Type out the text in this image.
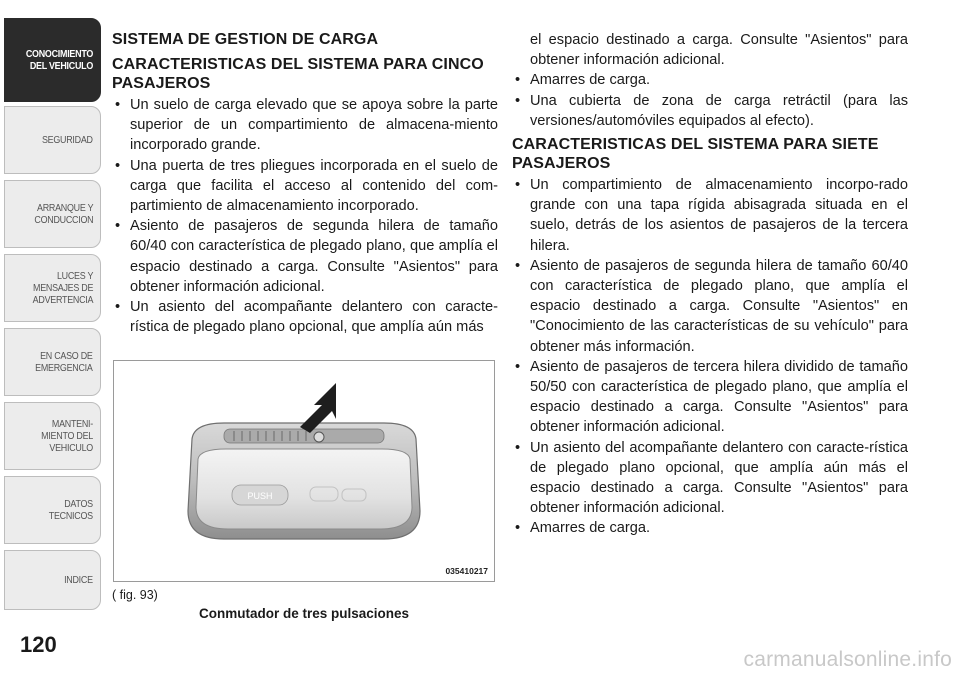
CONOCIMIENTO
DEL VEHICULO
SEGURIDAD
ARRANQUE Y
CONDUCCION
LUCES Y
MENSAJES DE
ADVERTENCIA
EN CASO DE
EMERGENCIA
MANTENI-
MIENTO DEL
VEHICULO
DATOS
TECNICOS
INDICE
120
SISTEMA DE GESTION DE CARGA
CARACTERISTICAS DEL SISTEMA PARA CINCO PASAJEROS
• Un suelo de carga elevado que se apoya sobre la parte superior de un compartimiento de almacena-miento incorporado grande.
• Una puerta de tres pliegues incorporada en el suelo de carga que facilita el acceso al contenido del com-partimiento de almacenamiento incorporado.
• Asiento de pasajeros de segunda hilera de tamaño 60/40 con característica de plegado plano, que amplía el espacio destinado a carga. Consulte "Asientos" para obtener información adicional.
• Un asiento del acompañante delantero con caracte-rística de plegado plano opcional, que amplía aún más
PUSH
035410217
( fig. 93)
Conmutador de tres pulsaciones
el espacio destinado a carga. Consulte "Asientos" para obtener información adicional.
• Amarres de carga.
• Una cubierta de zona de carga retráctil (para las versiones/automóviles equipados al efecto).
CARACTERISTICAS DEL SISTEMA PARA SIETE PASAJEROS
• Un compartimiento de almacenamiento incorpo-rado grande con una tapa rígida abisagrada situada en el suelo, detrás de los asientos de pasajeros de la tercera hilera.
• Asiento de pasajeros de segunda hilera de tamaño 60/40 con característica de plegado plano, que amplía el espacio destinado a carga. Consulte "Asientos" en "Conocimiento de las características de su vehículo" para obtener más información.
• Asiento de pasajeros de tercera hilera dividido de tamaño 50/50 con característica de plegado plano, que amplía el espacio destinado a carga. Consulte "Asientos" para obtener información adicional.
• Un asiento del acompañante delantero con caracte-rística de plegado plano opcional, que amplía aún más el espacio destinado a carga. Consulte "Asientos" para obtener información adicional.
• Amarres de carga.
carmanualsonline.info
